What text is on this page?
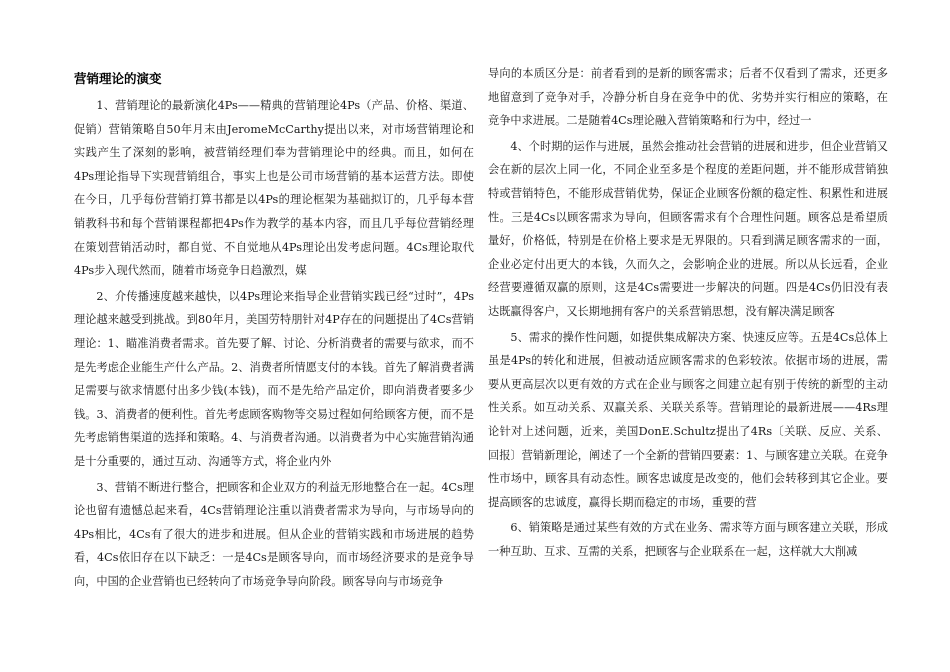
营销理论的演变

1、营销理论的最新演化4Ps——精典的营销理论4Ps（产品、价格、渠道、促销）营销策略自50年月末由JeromeMcCarthy提出以来，对市场营销理论和实践产生了深刻的影响，被营销经理们奉为营销理论中的经典。而且，如何在4Ps理论指导下实现营销组合，事实上也是公司市场营销的基本运营方法。即使在今日，几乎每份营销打算书都是以4Ps的理论框架为基础拟订的，几乎每本营销教科书和每个营销课程都把4Ps作为教学的基本内容，而且几乎每位营销经理在策划营销活动时，都自觉、不自觉地从4Ps理论出发考虑问题。4Cs理论取代4Ps步入现代然而，随着市场竞争日趋激烈，媒

2、介传播速度越来越快，以4Ps理论来指导企业营销实践已经“过时”，4Ps理论越来越受到挑战。到80年月，美国劳特朋针对4P存在的问题提出了4Cs营销理论：1、瞄准消费者需求。首先要了解、讨论、分析消费者的需要与欲求，而不是先考虑企业能生产什么产品。2、消费者所情愿支付的本钱。首先了解消费者满足需要与欲求情愿付出多少钱(本钱)，而不是先给产品定价，即向消费者要多少钱。3、消费者的便利性。首先考虑顾客购物等交易过程如何给顾客方便，而不是先考虑销售渠道的选择和策略。4、与消费者沟通。以消费者为中心实施营销沟通是十分重要的，通过互动、沟通等方式，将企业内外

3、营销不断进行整合，把顾客和企业双方的利益无形地整合在一起。4Cs理论也留有遗憾总起来看，4Cs营销理论注重以消费者需求为导向，与市场导向的4Ps相比，4Cs有了很大的进步和进展。但从企业的营销实践和市场进展的趋势看，4Cs依旧存在以下缺乏：一是4Cs是顾客导向，而市场经济要求的是竞争导向，中国的企业营销也已经转向了市场竞争导向阶段。顾客导向与市场竞争

导向的本质区分是：前者看到的是新的顾客需求；后者不仅看到了需求，还更多地留意到了竞争对手，冷静分析自身在竞争中的优、劣势并实行相应的策略，在竞争中求进展。二是随着4Cs理论融入营销策略和行为中，经过一

4、个时期的运作与进展，虽然会推动社会营销的进展和进步，但企业营销又会在新的层次上同一化，不同企业至多是个程度的差距问题，并不能形成营销独特或营销特色，不能形成营销优势，保证企业顾客份额的稳定性、积累性和进展性。三是4Cs以顾客需求为导向，但顾客需求有个合理性问题。顾客总是希望质量好，价格低，特别是在价格上要求是无界限的。只看到满足顾客需求的一面，企业必定付出更大的本钱，久而久之，会影响企业的进展。所以从长远看，企业经营要遵循双赢的原则，这是4Cs需要进一步解决的问题。四是4Cs仍旧没有表达既赢得客户，又长期地拥有客户的关系营销思想，没有解决满足顾客

5、需求的操作性问题，如提供集成解决方案、快速反应等。五是4Cs总体上虽是4Ps的转化和进展，但被动适应顾客需求的色彩较浓。依据市场的进展，需要从更高层次以更有效的方式在企业与顾客之间建立起有别于传统的新型的主动性关系。如互动关系、双赢关系、关联关系等。营销理论的最新进展——4Rs理论针对上述问题，近来，美国DonE.Schultz提出了4Rs〔关联、反应、关系、回报〕营销新理论，阐述了一个全新的营销四要素：1、与顾客建立关联。在竞争性市场中，顾客具有动态性。顾客忠诚度是改变的，他们会转移到其它企业。要提高顾客的忠诚度，赢得长期而稳定的市场，重要的营

6、销策略是通过某些有效的方式在业务、需求等方面与顾客建立关联，形成一种互助、互求、互需的关系，把顾客与企业联系在一起，这样就大大削减
